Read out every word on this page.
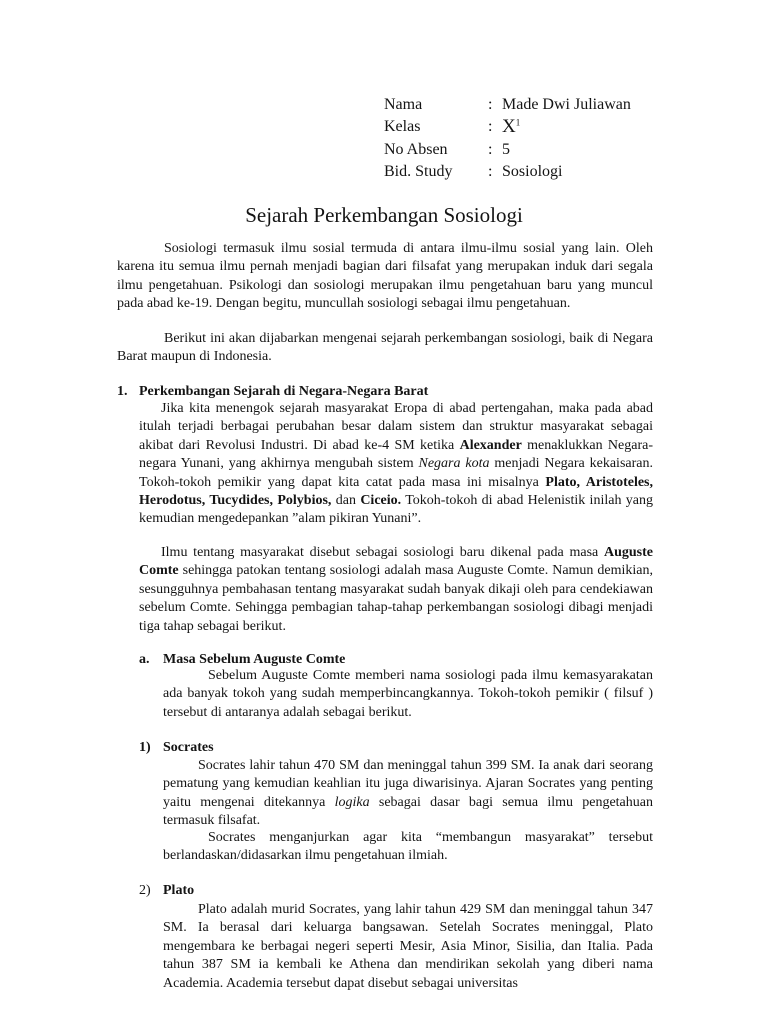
Nama	: Made Dwi Juliawan
Kelas	: $X^1$
No Absen	: 5
Bid. Study	: Sosiologi
Sejarah Perkembangan Sosiologi

Sosiologi termasuk ilmu sosial termuda di antara ilmu-ilmu sosial yang lain. Oleh karena itu semua ilmu pernah menjadi bagian dari filsafat yang merupakan induk dari segala ilmu pengetahuan. Psikologi dan sosiologi merupakan ilmu pengetahuan baru yang muncul pada abad ke-19. Dengan begitu, muncullah sosiologi sebagai ilmu pengetahuan.

Berikut ini akan dijabarkan mengenai sejarah perkembangan sosiologi, baik di Negara Barat maupun di Indonesia.

1. Perkembangan Sejarah di Negara-Negara Barat

Jika kita menengok sejarah masyarakat Eropa di abad pertengahan, maka pada abad itulah terjadi berbagai perubahan besar dalam sistem dan struktur masyarakat sebagai akibat dari Revolusi Industri. Di abad ke-4 SM ketika Alexander menaklukkan Negara-negara Yunani, yang akhirnya mengubah sistem Negara kota menjadi Negara kekaisaran. Tokoh-tokoh pemikir yang dapat kita catat pada masa ini misalnya Plato, Aristoteles, Herodotus, Tucydides, Polybios, dan Ciceio. Tokoh-tokoh di abad Helenistik inilah yang kemudian mengedepankan ”alam pikiran Yunani”.

Ilmu tentang masyarakat disebut sebagai sosiologi baru dikenal pada masa Auguste Comte sehingga patokan tentang sosiologi adalah masa Auguste Comte. Namun demikian, sesungguhnya pembahasan tentang masyarakat sudah banyak dikaji oleh para cendekiawan sebelum Comte. Sehingga pembagian tahap-tahap perkembangan sosiologi dibagi menjadi tiga tahap sebagai berikut.

a. Masa Sebelum Auguste Comte

Sebelum Auguste Comte memberi nama sosiologi pada ilmu kemasyarakatan ada banyak tokoh yang sudah memperbincangkannya. Tokoh-tokoh pemikir ( filsuf ) tersebut di antaranya adalah sebagai berikut.

1) Socrates

Socrates lahir tahun 470 SM dan meninggal tahun 399 SM. Ia anak dari seorang pematung yang kemudian keahlian itu juga diwarisinya. Ajaran Socrates yang penting yaitu mengenai ditekannya logika sebagai dasar bagi semua ilmu pengetahuan termasuk filsafat.

Socrates menganjurkan agar kita “membangun masyarakat” tersebut berlandaskan/didasarkan ilmu pengetahuan ilmiah.

2) Plato

Plato adalah murid Socrates, yang lahir tahun 429 SM dan meninggal tahun 347 SM. Ia berasal dari keluarga bangsawan. Setelah Socrates meninggal, Plato mengembara ke berbagai negeri seperti Mesir, Asia Minor, Sisilia, dan Italia. Pada tahun 387 SM ia kembali ke Athena dan mendirikan sekolah yang diberi nama Academia. Academia tersebut dapat disebut sebagai universitas
